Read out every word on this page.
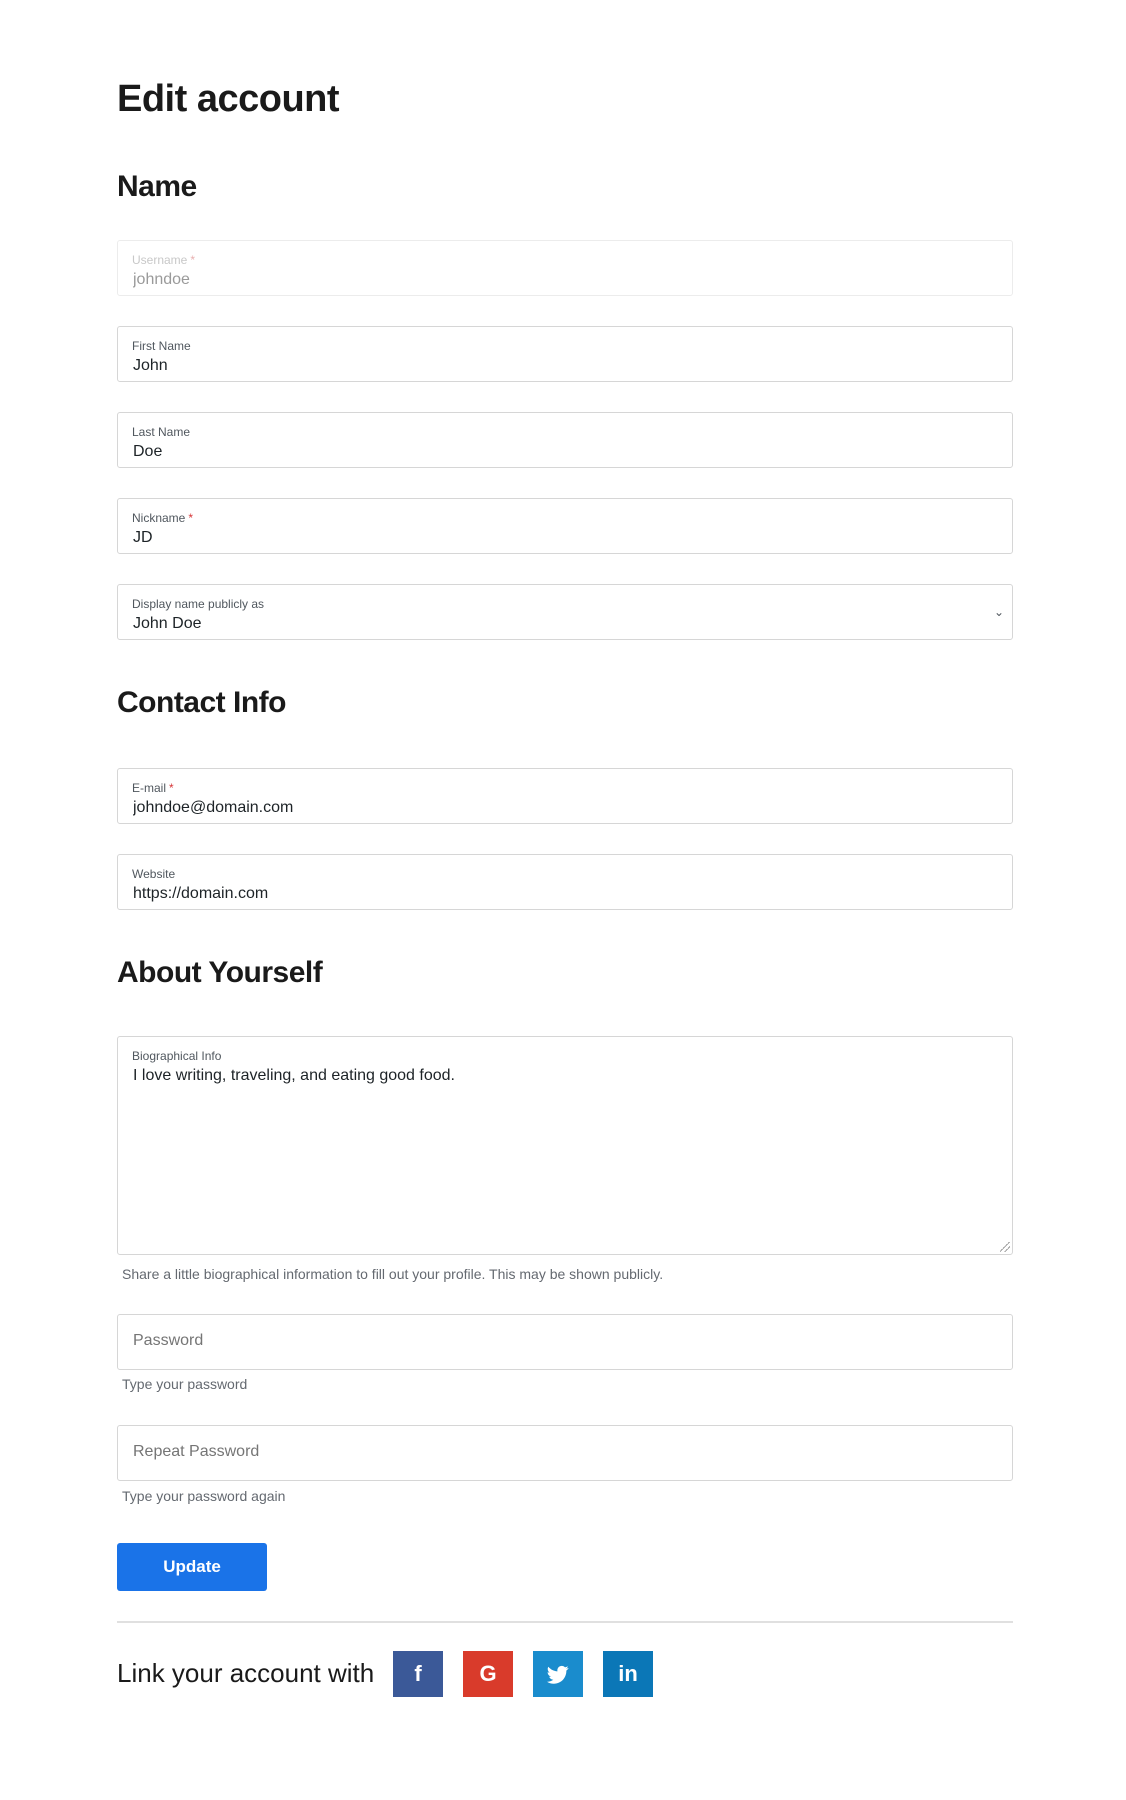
Edit account
Name
Username *
johndoe
First Name
John
Last Name
Doe
Nickname *
JD
Display name publicly as
John Doe
⌄
Contact Info
E-mail *
johndoe@domain.com
Website
https://domain.com
About Yourself
Biographical Info
I love writing, traveling, and eating good food.
Share a little biographical information to fill out your profile. This may be shown publicly.
Type your password
Type your password again
Update
Link your account with	f	G	in
